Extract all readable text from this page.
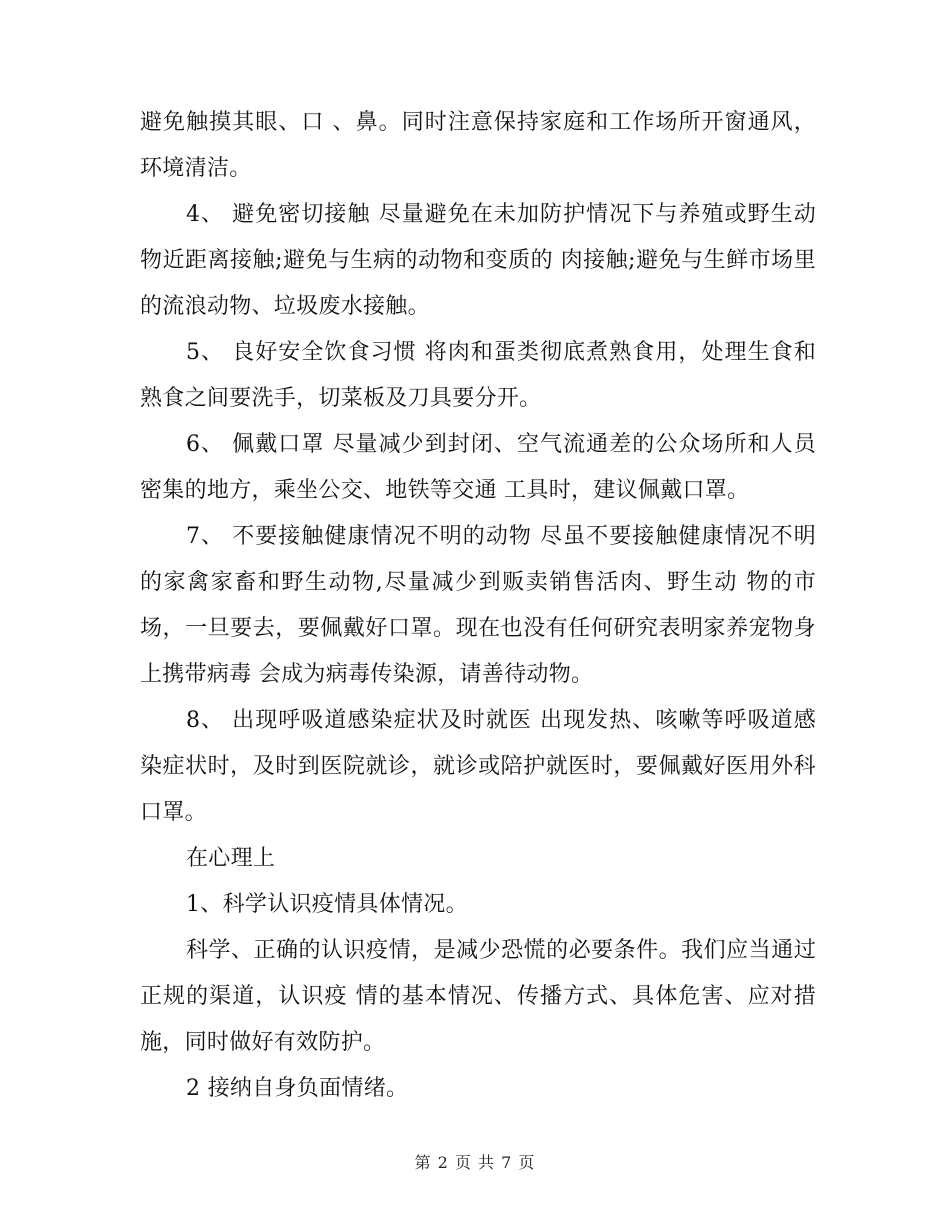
避免触摸其眼、口 、鼻。同时注意保持家庭和工作场所开窗通风，环境清洁。

4、 避免密切接触 尽量避免在未加防护情况下与养殖或野生动物近距离接触;避免与生病的动物和变质的 肉接触;避免与生鲜市场里的流浪动物、垃圾废水接触。

5、 良好安全饮食习惯 将肉和蛋类彻底煮熟食用，处理生食和熟食之间要洗手，切菜板及刀具要分开。

6、 佩戴口罩 尽量减少到封闭、空气流通差的公众场所和人员密集的地方，乘坐公交、地铁等交通 工具时，建议佩戴口罩。

7、 不要接触健康情况不明的动物 尽虽不要接触健康情况不明的家禽家畜和野生动物,尽量减少到贩卖销售活肉、野生动 物的市场，一旦要去，要佩戴好口罩。现在也没有任何研究表明家养宠物身上携带病毒 会成为病毒传染源，请善待动物。

8、 出现呼吸道感染症状及时就医 出现发热、咳嗽等呼吸道感染症状时，及时到医院就诊，就诊或陪护就医时，要佩戴好医用外科口罩。

在心理上

1、科学认识疫情具体情况。

科学、正确的认识疫情，是减少恐慌的必要条件。我们应当通过正规的渠道，认识疫 情的基本情况、传播方式、具体危害、应对措施，同时做好有效防护。

2 接纳自身负面情绪。

第 2 页 共 7 页
